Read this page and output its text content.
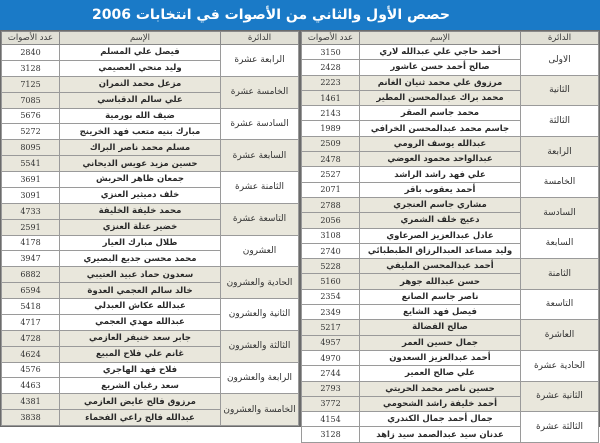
حصص الأول والثاني من الأصوات في انتخابات 2006
الدائرة	الإسم	عدد الأصوات
الرابعة عشرة	فيصل علي المسلم	2840
	وليد منحي العصيمي	3128
الخامسة عشرة	مزعل محمد النمران	7125
	علي سالم الدقباسي	7085
السادسة عشرة	ضيف الله بورمية	5676
	مبارك بنيه متعب فهد الخرينج	5272
السابعة عشرة	مسلم محمد ناصر البراك	8095
	حسين مزيد عويس الديحاني	5541
الثامنة عشرة	جمعان ظاهر الحربش	3691
	خلف دميثير العنزي	3091
التاسعة عشرة	محمد خليفة الخليفة	4733
	خضير عتلة العنزي	2591
العشرون	طلال مبارك العيار	4178
	محمد محسن جديع البصيري	3947
الحادية والعشرون	سعدون حماد عبيد العتيبي	6882
	خالد سالم العجمي العدوة	6594
الثانية والعشرون	عبدالله عكاش العبدلي	5418
	عبدالله مهدي العجمي	4717
الثالثة والعشرون	جابر سعد خنيفر العازمي	4728
	غانم علي فلاح المبيع	4624
الرابعة والعشرون	فلاح فهد الهاجري	4576
	سعد رغيان الشريع	4463
الخامسة والعشرون	مرزوق فالح عايض العازمي	4381
	عبدالله فالح راعي الفحماء	3838
الدائرة	الإسم	عدد الأصوات
الاولى	أحمد حاجي علي عبدالله لاري	3150
	صالح أحمد حسن عاشور	2428
الثانية	مرزوق علي محمد ثنيان الغانم	2223
	محمد براك عبدالمحسن المطير	1461
الثالثة	محمد جاسم الصقر	2143
	جاسم محمد عبدالمحسن الخرافي	1989
الرابعة	عبدالله يوسف الرومي	2509
	عبدالواحد محمود العوضي	2478
الخامسة	علي فهد راشد الراشد	2527
	أحمد يعقوب باقر	2071
السادسة	مشاري جاسم العنجري	2788
	دعيج خلف الشمري	2056
السابعة	عادل عبدالعزيز الصرعاوي	3108
	وليد مساعد العبدالرزاق الطبطبائي	2740
الثامنة	أحمد عبدالمحسن المليفي	5228
	حسن عبدالله جوهر	5160
التاسعة	ناصر جاسم الصانع	2354
	فيصل فهد الشايع	2349
العاشرة	صالح الفضالة	5217
	جمال حسين العمر	4957
الحادية عشرة	أحمد عبدالعزيز السعدون	4970
	علي صالح العمير	2744
الثانية عشرة	حسين ناصر محمد الحريتي	2793
	أحمد خليفة راشد الشحومي	3772
الثالثة عشرة	جمال أحمد جمال الكندري	4154
	عدنان سيد عبدالصمد سيد زاهد	3128
